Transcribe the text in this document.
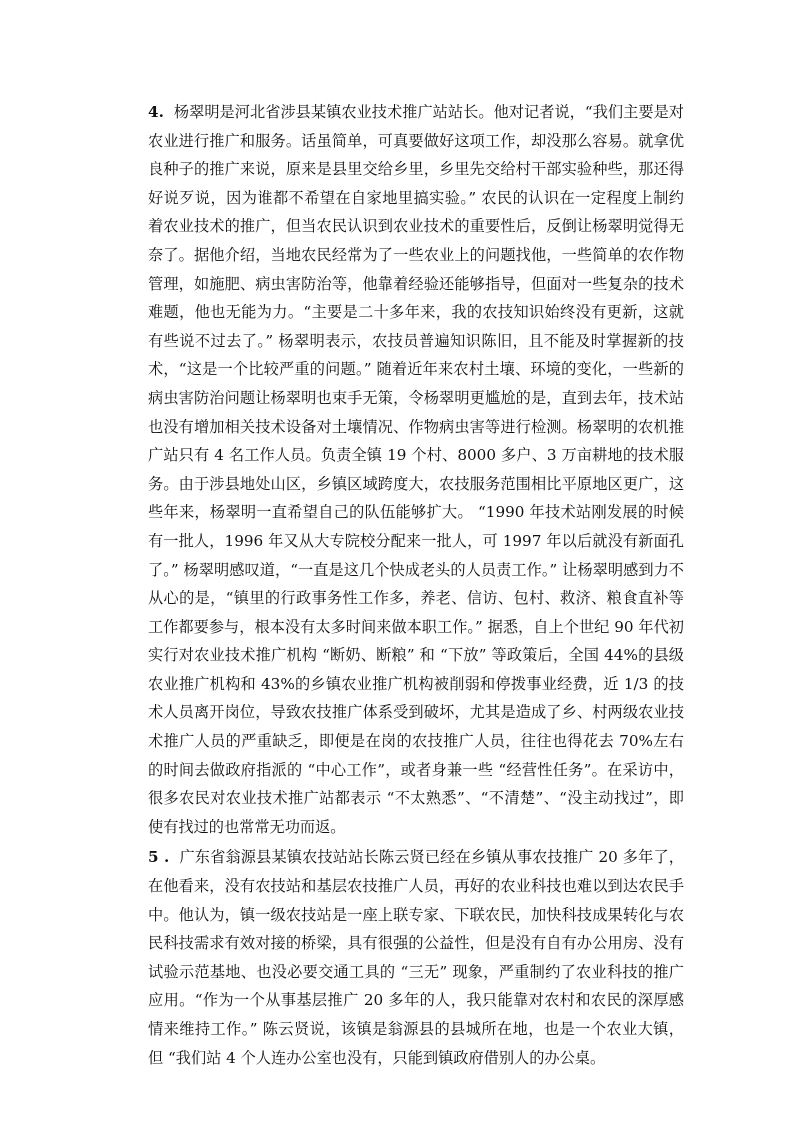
4. 杨翠明是河北省涉县某镇农业技术推广站站长。他对记者说，“我们主要是对农业进行推广和服务。话虽简单，可真要做好这项工作，却没那么容易。就拿优良种子的推广来说，原来是县里交给乡里，乡里先交给村干部实验种些，那还得好说歹说，因为谁都不希望在自家地里搞实验。” 农民的认识在一定程度上制约着农业技术的推广，但当农民认识到农业技术的重要性后，反倒让杨翠明觉得无奈了。据他介绍，当地农民经常为了一些农业上的问题找他，一些简单的农作物管理，如施肥、病虫害防治等，他靠着经验还能够指导，但面对一些复杂的技术难题，他也无能为力。“主要是二十多年来，我的农技知识始终没有更新，这就有些说不过去了。” 杨翠明表示，农技员普遍知识陈旧，且不能及时掌握新的技术，“这是一个比较严重的问题。” 随着近年来农村土壤、环境的变化，一些新的病虫害防治问题让杨翠明也束手无策，令杨翠明更尴尬的是，直到去年，技术站也没有增加相关技术设备对土壤情况、作物病虫害等进行检测。杨翠明的农机推广站只有 4 名工作人员。负责全镇 19 个村、8000 多户、3 万亩耕地的技术服务。由于涉县地处山区，乡镇区域跨度大，农技服务范围相比平原地区更广，这些年来，杨翠明一直希望自己的队伍能够扩大。 “1990 年技术站刚发展的时候有一批人，1996 年又从大专院校分配来一批人，可 1997 年以后就没有新面孔了。” 杨翠明感叹道，“一直是这几个快成老头的人员责工作。” 让杨翠明感到力不从心的是，“镇里的行政事务性工作多，养老、信访、包村、救济、粮食直补等工作都要参与，根本没有太多时间来做本职工作。” 据悉，自上个世纪 90 年代初实行对农业技术推广机构 “断奶、断粮” 和 “下放” 等政策后，全国 44%的县级农业推广机构和 43%的乡镇农业推广机构被削弱和停拨事业经费，近 1/3 的技术人员离开岗位，导致农技推广体系受到破坏，尤其是造成了乡、村两级农业技术推广人员的严重缺乏，即便是在岗的农技推广人员，往往也得花去 70%左右的时间去做政府指派的 “中心工作”，或者身兼一些 “经营性任务”。在采访中，很多农民对农业技术推广站都表示 “不太熟悉”、“不清楚”、“没主动找过”，即使有找过的也常常无功而返。

5 . 广东省翁源县某镇农技站站长陈云贤已经在乡镇从事农技推广 20 多年了，在他看来，没有农技站和基层农技推广人员，再好的农业科技也难以到达农民手中。他认为，镇一级农技站是一座上联专家、下联农民，加快科技成果转化与农民科技需求有效对接的桥梁，具有很强的公益性，但是没有自有办公用房、没有试验示范基地、也没必要交通工具的 “三无” 现象，严重制约了农业科技的推广应用。“作为一个从事基层推广 20 多年的人，我只能靠对农村和农民的深厚感情来维持工作。” 陈云贤说，该镇是翁源县的县城所在地，也是一个农业大镇，但 “我们站 4 个人连办公室也没有，只能到镇政府借别人的办公桌。
